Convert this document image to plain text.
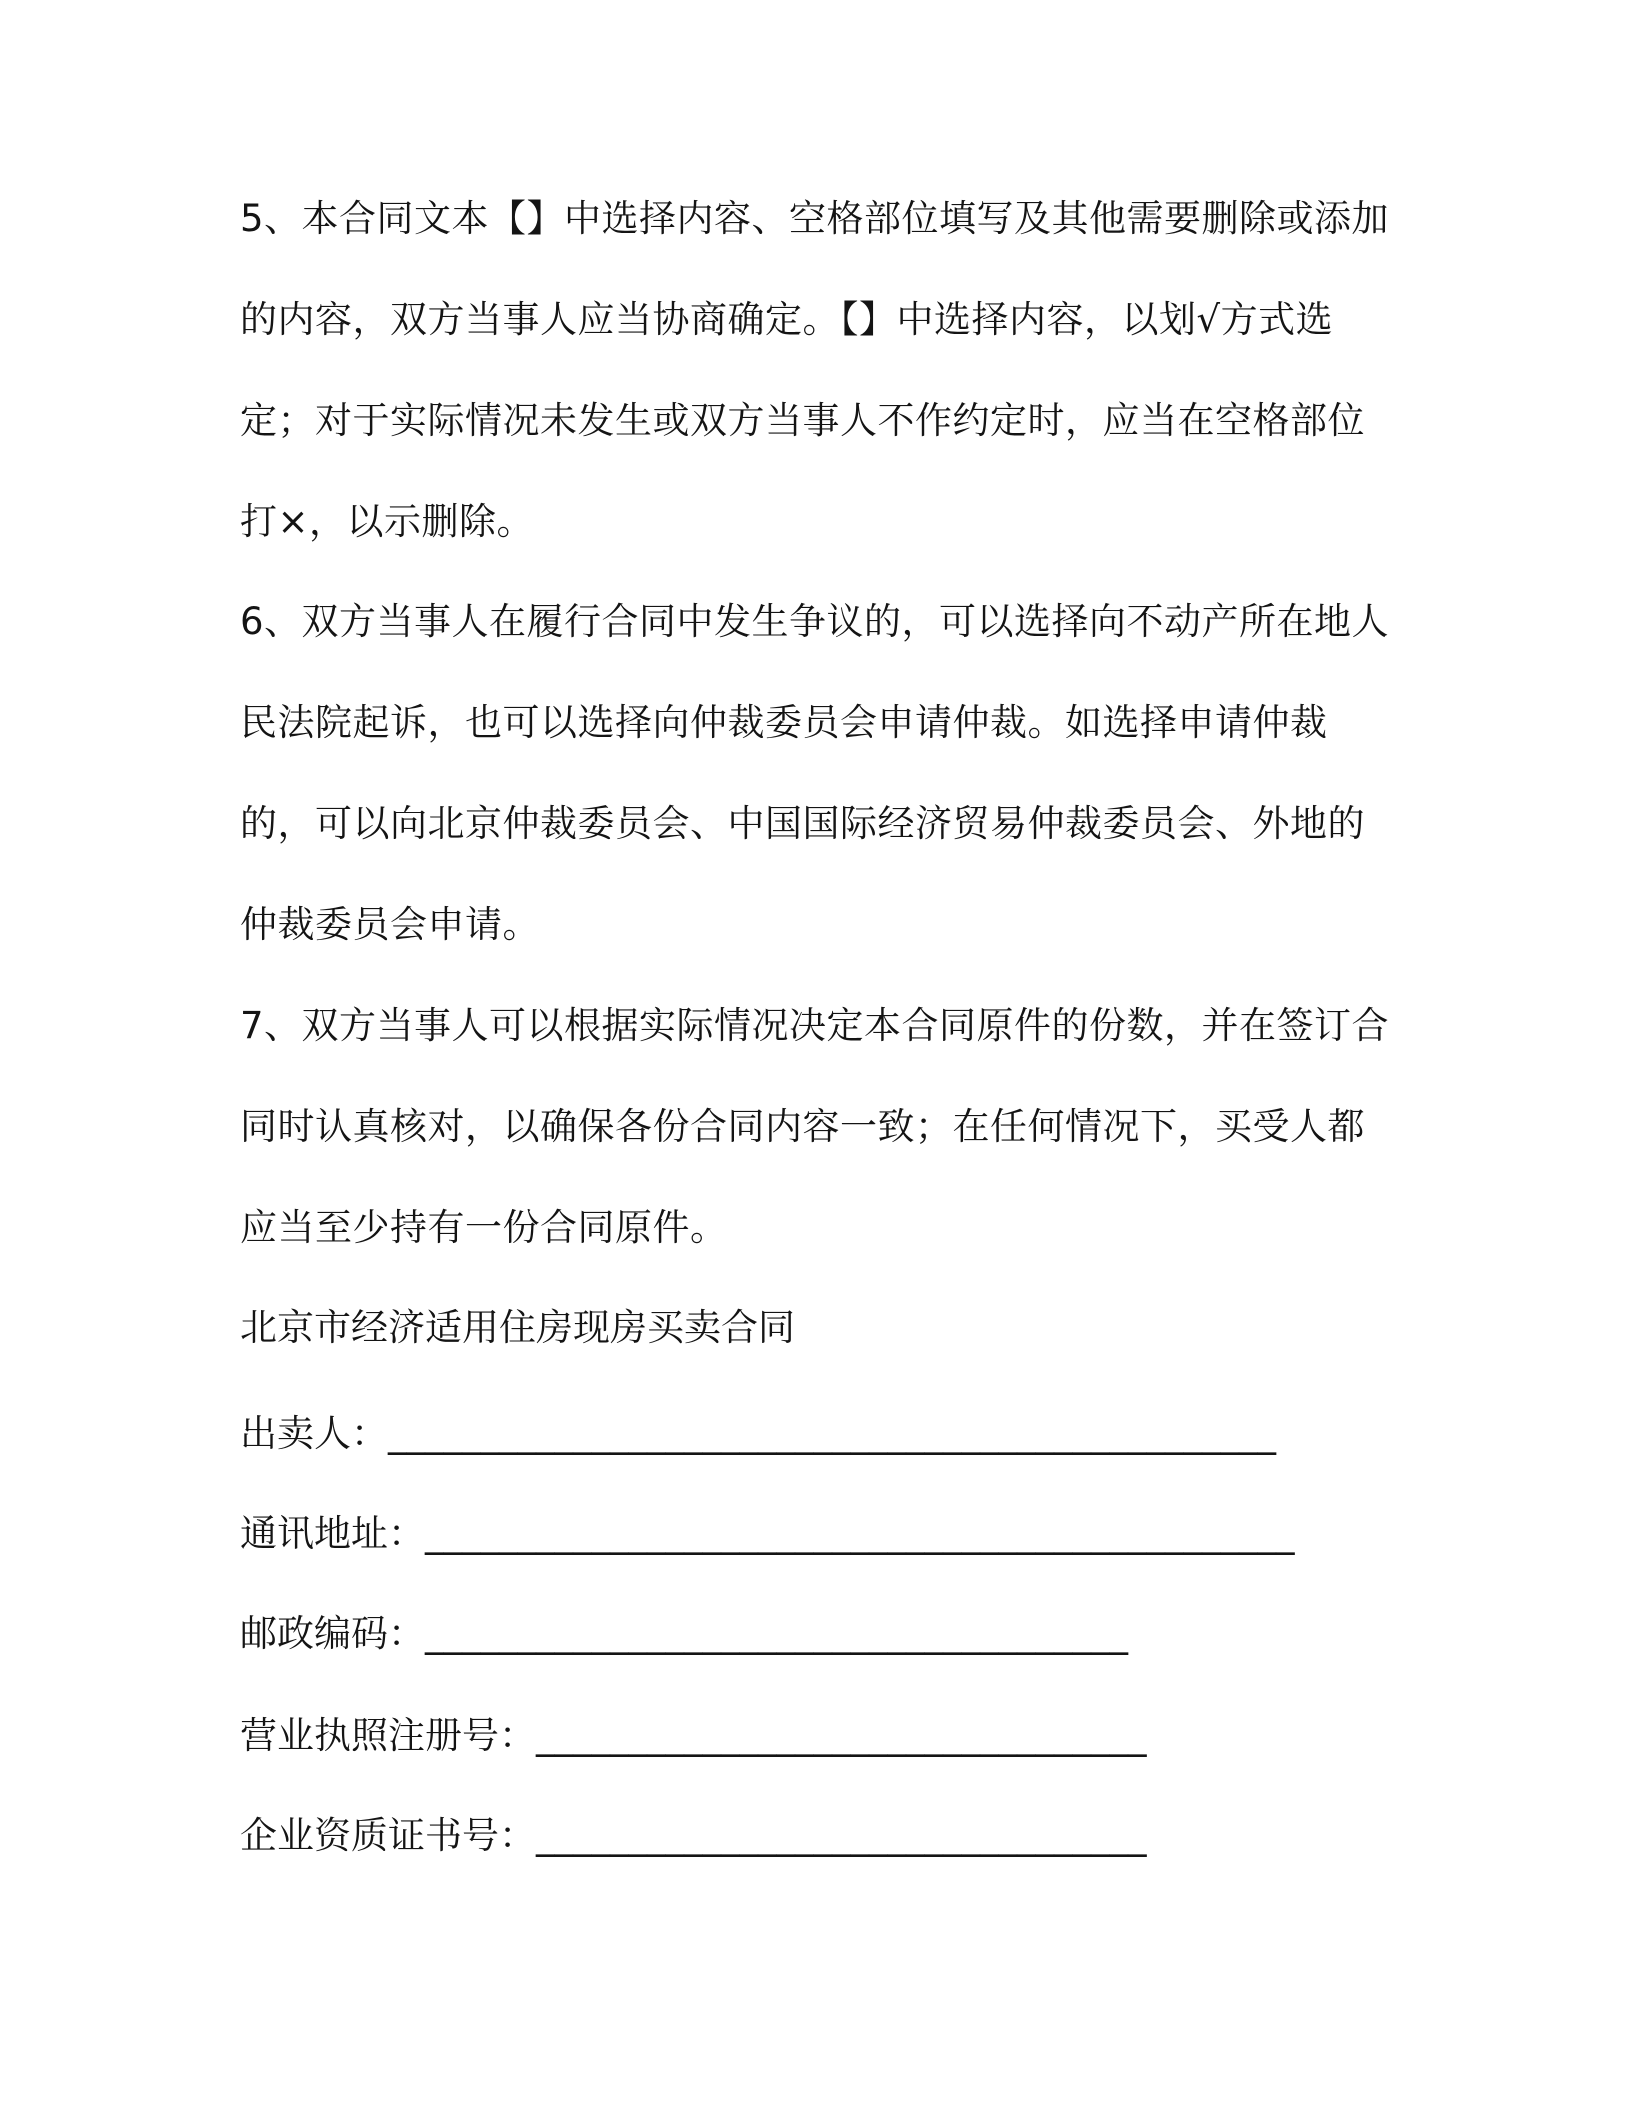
5、本合同文本【】中选择内容、空格部位填写及其他需要删除或添加的内容，双方当事人应当协商确定。【】中选择内容，以划√方式选定；对于实际情况未发生或双方当事人不作约定时，应当在空格部位打×，以示删除。

6、双方当事人在履行合同中发生争议的，可以选择向不动产所在地人民法院起诉，也可以选择向仲裁委员会申请仲裁。如选择申请仲裁的，可以向北京仲裁委员会、中国国际经济贸易仲裁委员会、外地的仲裁委员会申请。

7、双方当事人可以根据实际情况决定本合同原件的份数，并在签订合同时认真核对，以确保各份合同内容一致；在任何情况下，买受人都应当至少持有一份合同原件。

北京市经济适用住房现房买卖合同

出卖人：________________________________________________

通讯地址：_______________________________________________

邮政编码：______________________________________

营业执照注册号：_________________________________

企业资质证书号：_________________________________
